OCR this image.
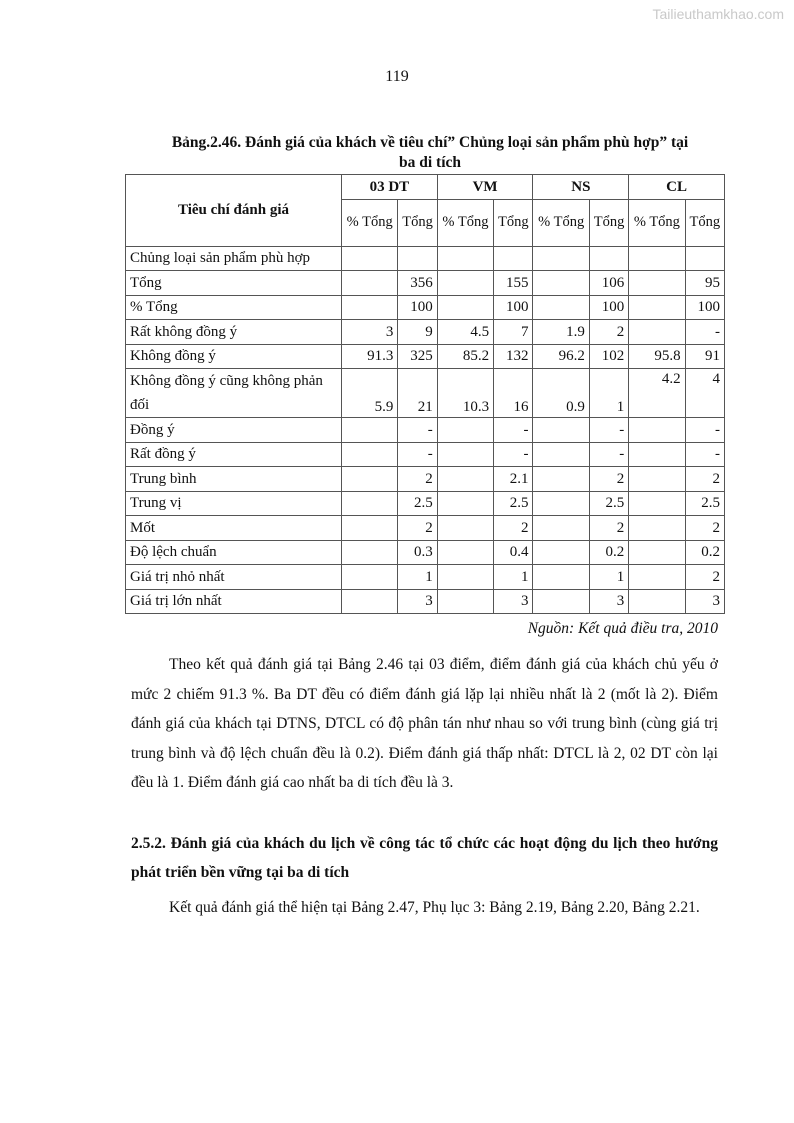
Tailieuthamkhao.com
119
Bảng.2.46. Đánh giá của khách về tiêu chí” Chủng loại sản phẩm phù hợp” tại
ba di tích
Tiêu chí đánh giá	03 DT		VM		NS		CL	
	% Tổng	Tổng	% Tổng	Tổng	% Tổng	Tổng	% Tổng	Tổng
Chủng loại sản phẩm phù hợp								
Tổng		356		155		106		95
% Tổng		100		100		100		100
Rất không đồng ý	3	9	4.5	7	1.9	2		-
Không đồng ý	91.3	325	85.2	132	96.2	102	95.8	91
Không đồng ý cũng không phản đối	5.9	21	10.3	16	0.9	1	4.2	4
Đồng ý		-		-		-		-
Rất đồng ý		-		-		-		-
Trung bình		2		2.1		2		2
Trung vị		2.5		2.5		2.5		2.5
Mốt		2		2		2		2
Độ lệch chuẩn		0.3		0.4		0.2		0.2
Giá trị nhỏ nhất		1		1		1		2
Giá trị lớn nhất		3		3		3		3
Nguồn: Kết quả điều tra, 2010

Theo kết quả đánh giá tại Bảng 2.46 tại 03 điểm, điểm đánh giá của khách chủ yếu ở mức 2 chiếm 91.3 %. Ba DT đều có điểm đánh giá lặp lại nhiều nhất là 2 (mốt là 2). Điểm đánh giá của khách tại DTNS, DTCL có độ phân tán như nhau so với trung bình (cùng giá trị trung bình và độ lệch chuẩn đều là 0.2). Điểm đánh giá thấp nhất: DTCL là 2, 02 DT còn lại đều là 1. Điểm đánh giá cao nhất ba di tích đều là 3.

2.5.2. Đánh giá của khách du lịch về công tác tổ chức các hoạt động du lịch theo hướng phát triển bền vững tại ba di tích

Kết quả đánh giá thể hiện tại Bảng 2.47, Phụ lục 3: Bảng 2.19, Bảng 2.20, Bảng 2.21.
